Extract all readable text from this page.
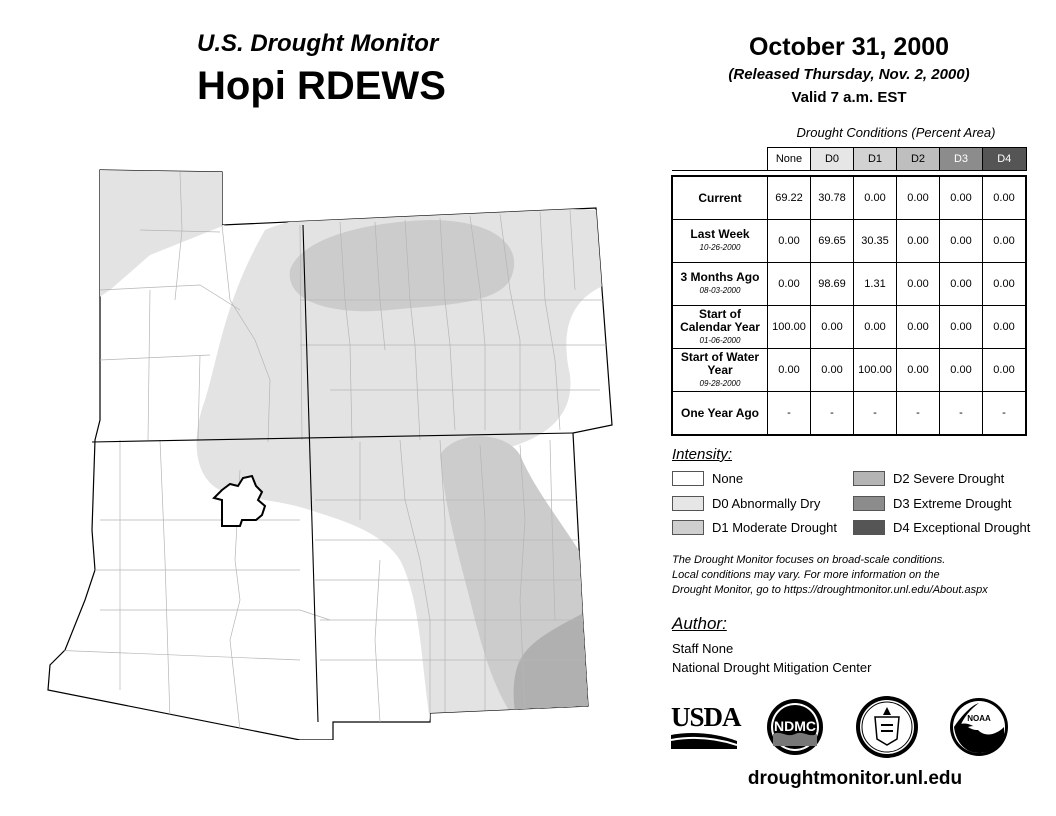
U.S. Drought Monitor
Hopi RDEWS
October 31, 2000
(Released Thursday, Nov. 2, 2000)
Valid 7 a.m. EST
Drought Conditions (Percent Area)
	None	D0	D1	D2	D3	D4

Current	69.22	30.78	0.00	0.00	0.00	0.00
Last Week
10-26-2000	0.00	69.65	30.35	0.00	0.00	0.00
3 Months Ago
08-03-2000	0.00	98.69	1.31	0.00	0.00	0.00
Start of Calendar Year
01-06-2000	100.00	0.00	0.00	0.00	0.00	0.00
Start of Water Year
09-28-2000	0.00	0.00	100.00	0.00	0.00	0.00
One Year Ago	-	-	-	-	-	-
Intensity:
None
D0 Abnormally Dry
D1 Moderate Drought
D2 Severe Drought
D3 Extreme Drought
D4 Exceptional Drought
The Drought Monitor focuses on broad-scale conditions.
Local conditions may vary. For more information on the
Drought Monitor, go to https://droughtmonitor.unl.edu/About.aspx
Author:
Staff None
National Drought Mitigation Center
USDA NDMC	NOAA
droughtmonitor.unl.edu
